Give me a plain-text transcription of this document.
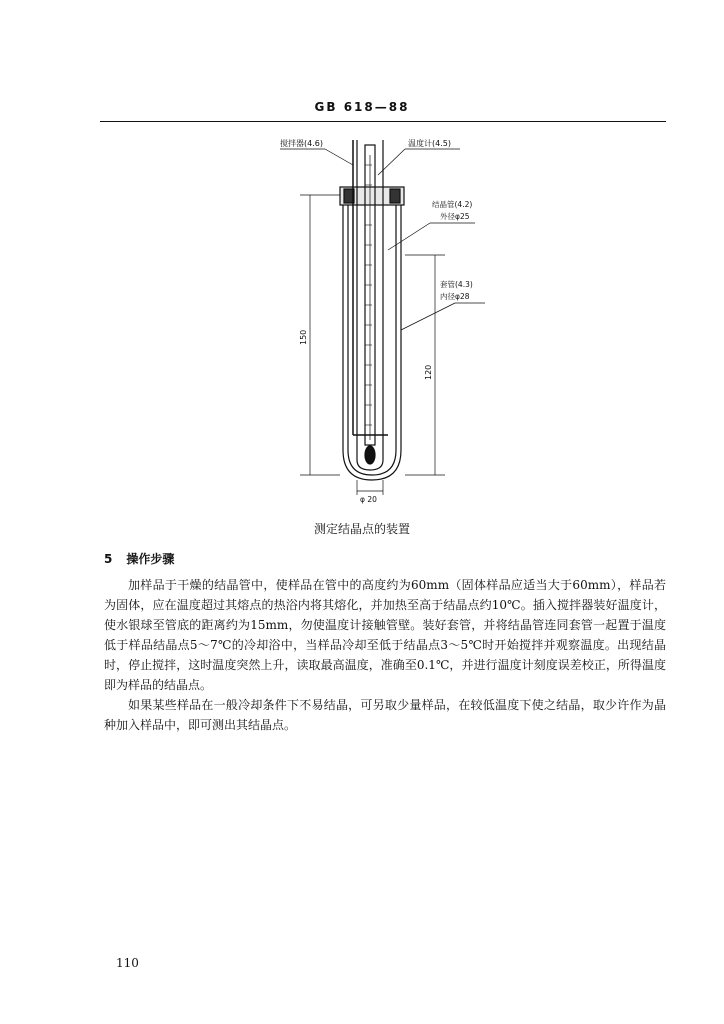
GB 618—88
搅拌器(4.6)	温度计(4.5)
结晶管(4.2)
外径φ25
套管(4.3)
内径φ28
150
120
φ 20
测定结晶点的装置
5 操作步骤

加样品于干燥的结晶管中，使样品在管中的高度约为60mm（固体样品应适当大于60mm），样品若为固体，应在温度超过其熔点的热浴内将其熔化，并加热至高于结晶点约10℃。插入搅拌器装好温度计，使水银球至管底的距离约为15mm，勿使温度计接触管壁。装好套管，并将结晶管连同套管一起置于温度低于样品结晶点5～7℃的冷却浴中，当样品冷却至低于结晶点3～5℃时开始搅拌并观察温度。出现结晶时，停止搅拌，这时温度突然上升，读取最高温度，准确至0.1℃，并进行温度计刻度误差校正，所得温度即为样品的结晶点。

如果某些样品在一般冷却条件下不易结晶，可另取少量样品，在较低温度下使之结晶，取少许作为晶种加入样品中，即可测出其结晶点。

110
